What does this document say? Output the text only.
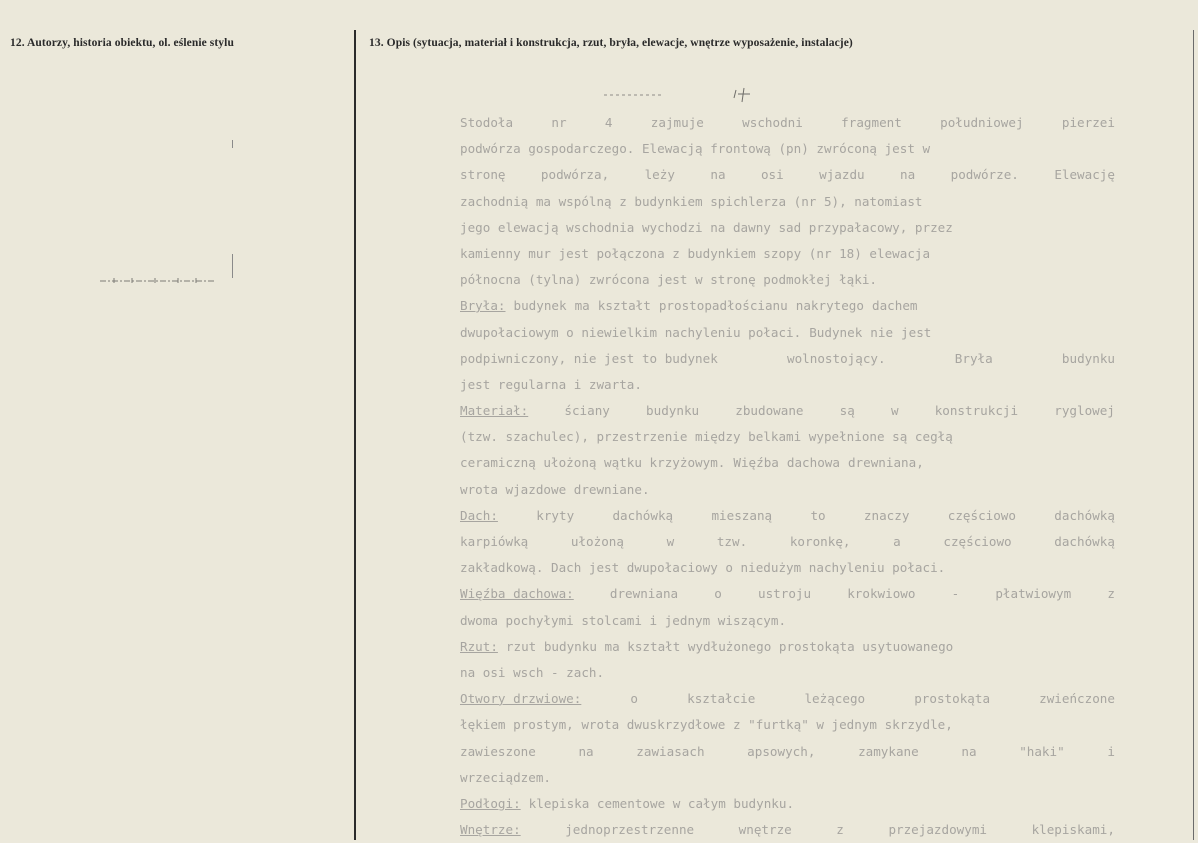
12. Autorzy, historia obiektu, ol. eślenie stylu	13. Opis (sytuacja, materiał i konstrukcja, rzut, bryła, elewacje, wnętrze wyposażenie, instalacje)
Stodoła	nr	4	zajmuje	wschodni	fragment	południowej	pierzei
podwórza gospodarczego. Elewacją frontową (pn) zwróconą jest w
stronę	podwórza,	leży	na	osi	wjazdu	na	podwórze.	Elewację
zachodnią ma wspólną z budynkiem spichlerza (nr 5), natomiast
jego elewacją wschodnia wychodzi na dawny sad przypałacowy, przez
kamienny mur jest połączona z budynkiem szopy (nr 18) elewacja
północna (tylna) zwrócona jest w stronę podmokłej łąki.
Bryła: budynek ma kształt prostopadłościanu nakrytego dachem
dwupołaciowym o niewielkim nachyleniu połaci. Budynek nie jest
podpiwniczony, nie jest to budynek	wolnostojący.	Bryła	budynku
jest regularna i zwarta.
Materiał:	ściany	budynku	zbudowane	są	w	konstrukcji	ryglowej
(tzw. szachulec), przestrzenie między belkami wypełnione są cegłą
ceramiczną ułożoną wątku krzyżowym. Więźba dachowa drewniana,
wrota wjazdowe drewniane.
Dach:	kryty	dachówką	mieszaną	to	znaczy	częściowo	dachówką
karpiówką	ułożoną	w	tzw.	koronkę,	a	częściowo	dachówką
zakładkową. Dach jest dwupołaciowy o niedużym nachyleniu połaci.
Więźba dachowa:	drewniana	o	ustroju	krokwiowo	-	płatwiowym	z
dwoma pochyłymi stolcami i jednym wiszącym.
Rzut: rzut budynku ma kształt wydłużonego prostokąta usytuowanego
na osi wsch - zach.
Otwory drzwiowe:	o	kształcie	leżącego	prostokąta	zwieńczone
łękiem prostym, wrota dwuskrzydłowe z "furtką" w jednym skrzydle,
zawieszone	na	zawiasach	apsowych,	zamykane	na	"haki"	i
wrzeciądzem.
Podłogi: klepiska cementowe w całym budynku.
Wnętrze:	jednoprzestrzenne	wnętrze	z	przejazdowymi	klepiskami,
